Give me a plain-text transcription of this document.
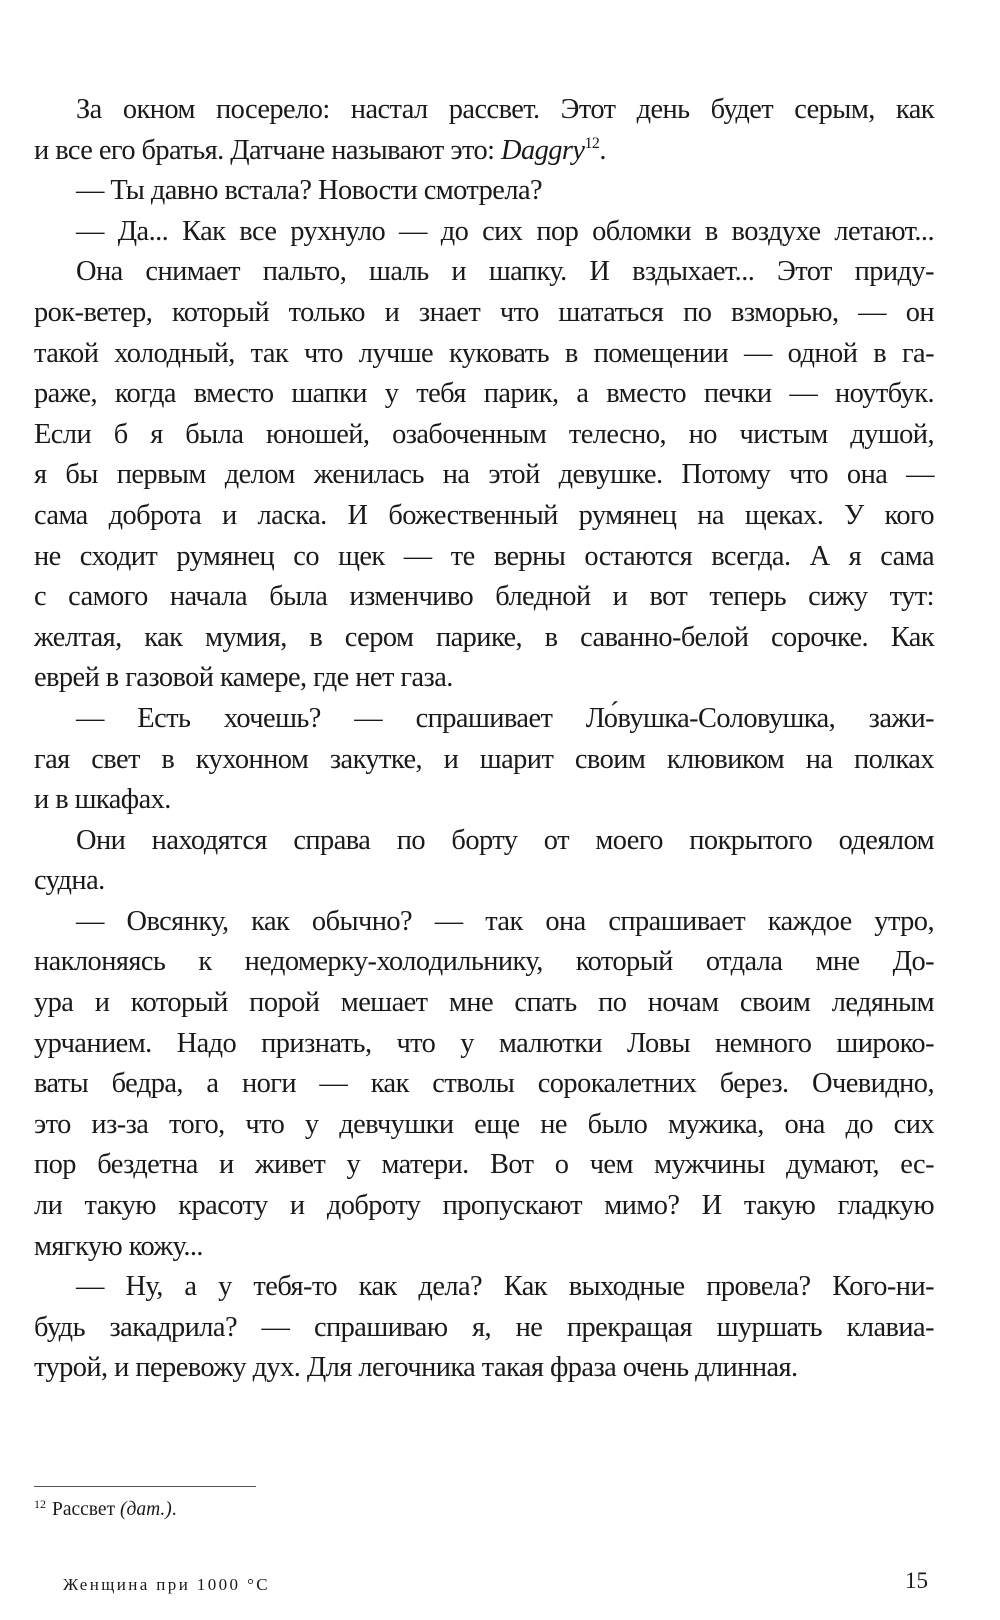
За окном посерело: настал рассвет. Этот день будет серым, как
и все его братья. Датчане называют это: Daggry$^{12}$.
— Ты давно встала? Новости смотрела?
— Да... Как все рухнуло — до сих пор обломки в воздухе летают...
Она снимает пальто, шаль и шапку. И вздыхает... Этот приду-
рок-ветер, который только и знает что шататься по взморью, — он
такой холодный, так что лучше куковать в помещении — одной в га-
раже, когда вместо шапки у тебя парик, а вместо печки — ноутбук.
Если б я была юношей, озабоченным телесно, но чистым душой,
я бы первым делом женилась на этой девушке. Потому что она —
сама доброта и ласка. И божественный румянец на щеках. У кого
не сходит румянец со щек — те верны остаются всегда. А я сама
с самого начала была изменчиво бледной и вот теперь сижу тут:
желтая, как мумия, в сером парике, в саванно-белой сорочке. Как
еврей в газовой камере, где нет газа.
— Есть хочешь? — спрашивает Ло́вушка-Соловушка, зажи-
гая свет в кухонном закутке, и шарит своим клювиком на полках
и в шкафах.
Они находятся справа по борту от моего покрытого одеялом
судна.
— Овсянку, как обычно? — так она спрашивает каждое утро,
наклоняясь к недомерку-холодильнику, который отдала мне До-
ура и который порой мешает мне спать по ночам своим ледяным
урчанием. Надо признать, что у малютки Ловы немного широко-
ваты бедра, а ноги — как стволы сорокалетних берез. Очевидно,
это из-за того, что у девчушки еще не было мужика, она до сих
пор бездетна и живет у матери. Вот о чем мужчины думают, ес-
ли такую красоту и доброту пропускают мимо? И такую гладкую
мягкую кожу...
— Ну, а у тебя-то как дела? Как выходные провела? Кого-ни-
будь закадрила? — спрашиваю я, не прекращая шуршать клавиа-
турой, и перевожу дух. Для легочника такая фраза очень длинная.
$^{12}$ Рассвет (дат.).
Женщина при 1000 °С	15
